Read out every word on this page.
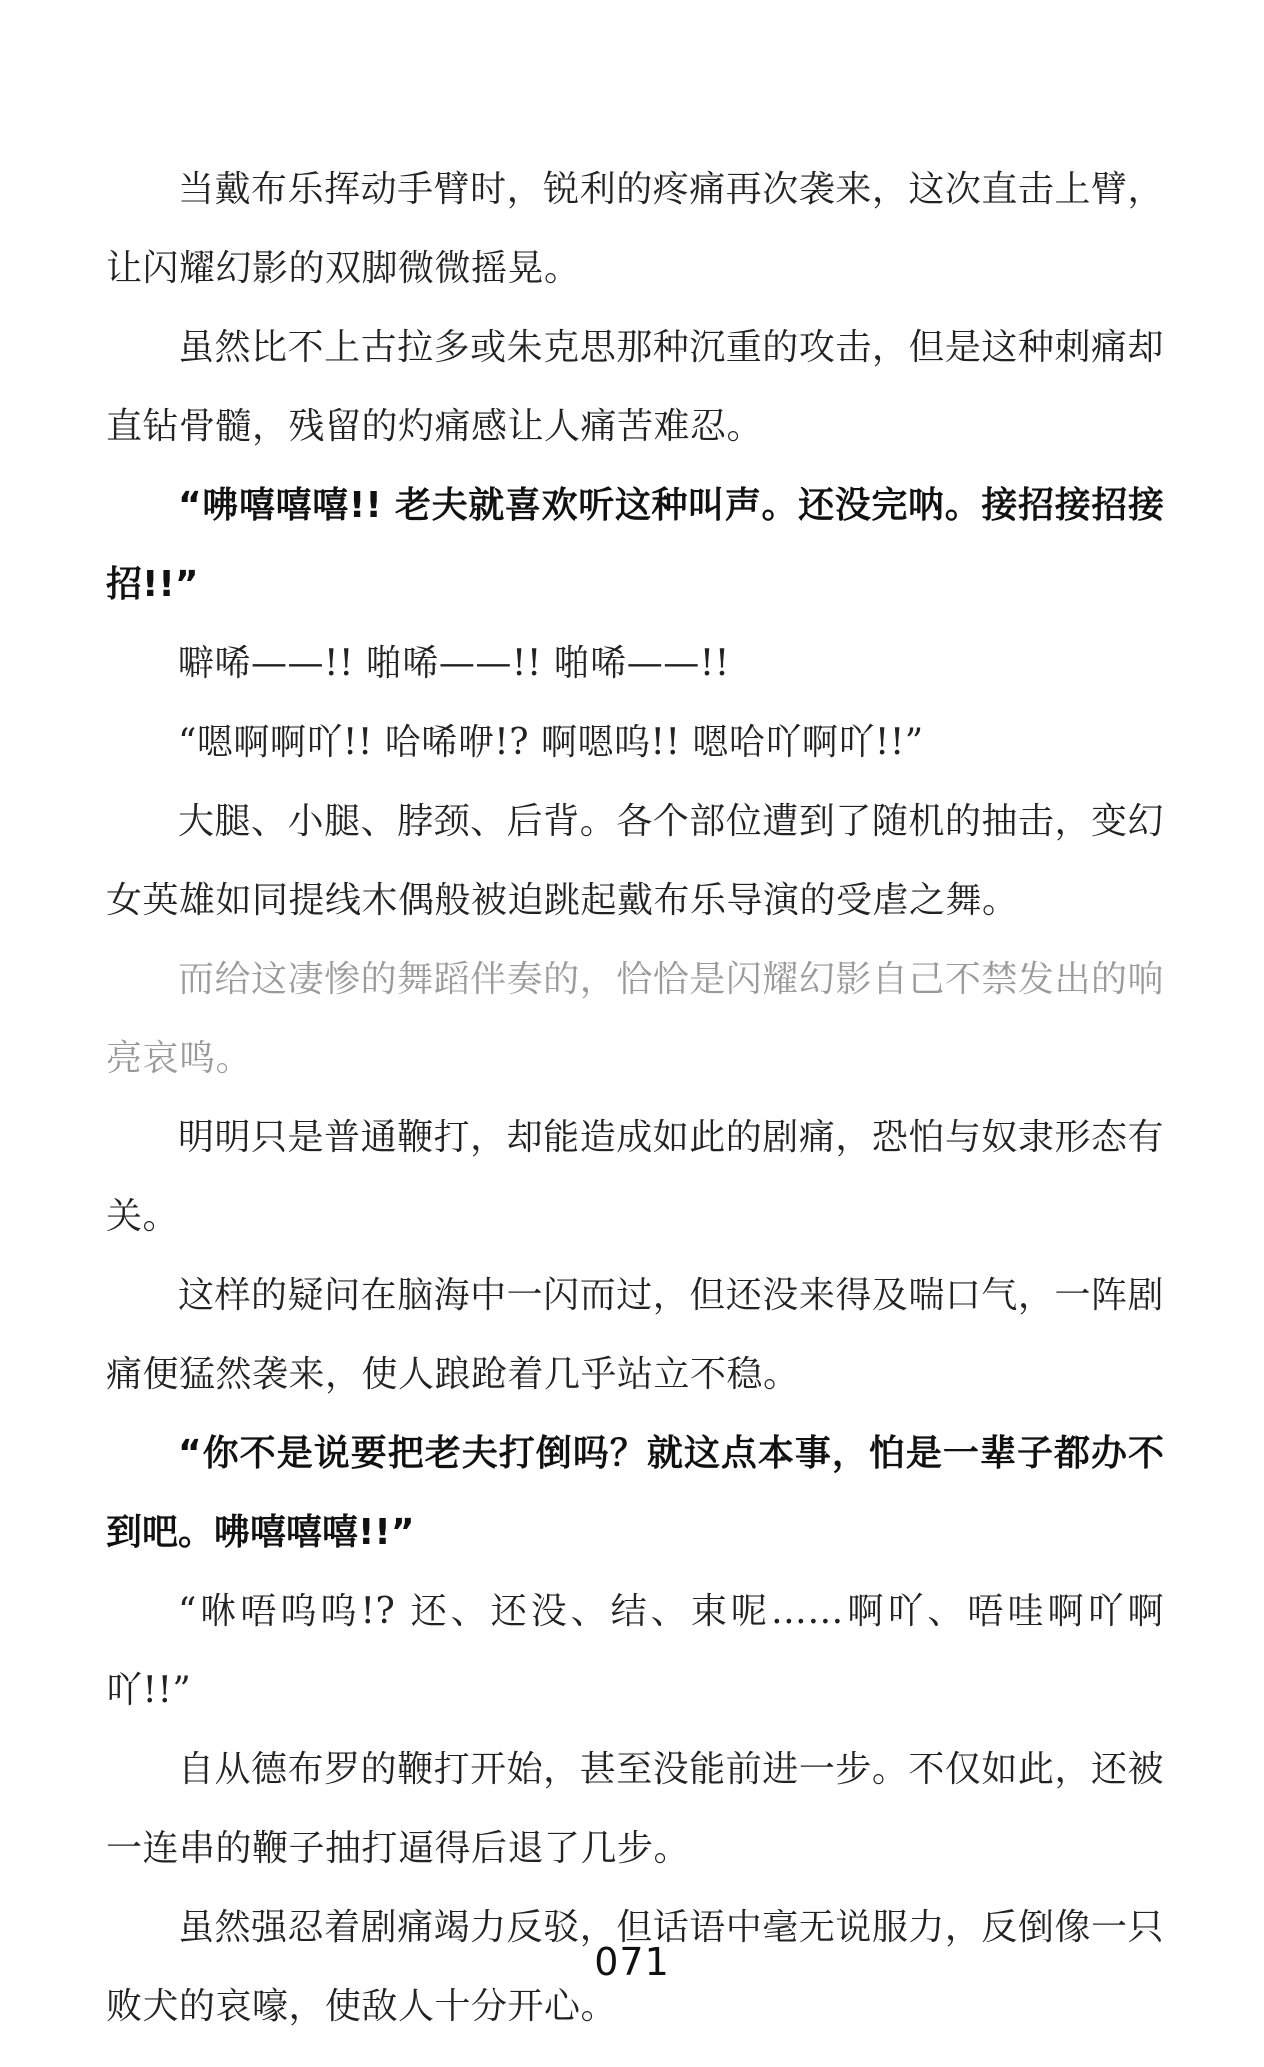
当戴布乐挥动手臂时，锐利的疼痛再次袭来，这次直击上臂，让闪耀幻影的双脚微微摇晃。

虽然比不上古拉多或朱克思那种沉重的攻击，但是这种刺痛却直钻骨髓，残留的灼痛感让人痛苦难忍。

“咈嘻嘻嘻!! 老夫就喜欢听这种叫声。还没完呐。接招接招接招!!”

噼唏——!! 啪唏——!! 啪唏——!!

“嗯啊啊吖!! 哈唏咿!? 啊嗯呜!! 嗯哈吖啊吖!!”

大腿、小腿、脖颈、后背。各个部位遭到了随机的抽击，变幻女英雄如同提线木偶般被迫跳起戴布乐导演的受虐之舞。

而给这凄惨的舞蹈伴奏的，恰恰是闪耀幻影自己不禁发出的响亮哀鸣。

明明只是普通鞭打，却能造成如此的剧痛，恐怕与奴隶形态有关。

这样的疑问在脑海中一闪而过，但还没来得及喘口气，一阵剧痛便猛然袭来，使人踉跄着几乎站立不稳。

“你不是说要把老夫打倒吗？就这点本事，怕是一辈子都办不到吧。咈嘻嘻嘻!!”

“咻唔呜呜!? 还、还没、结、束呢……啊吖、唔哇啊吖啊吖!!”

自从德布罗的鞭打开始，甚至没能前进一步。不仅如此，还被一连串的鞭子抽打逼得后退了几步。

虽然强忍着剧痛竭力反驳，但话语中毫无说服力，反倒像一只败犬的哀嚎，使敌人十分开心。

071
